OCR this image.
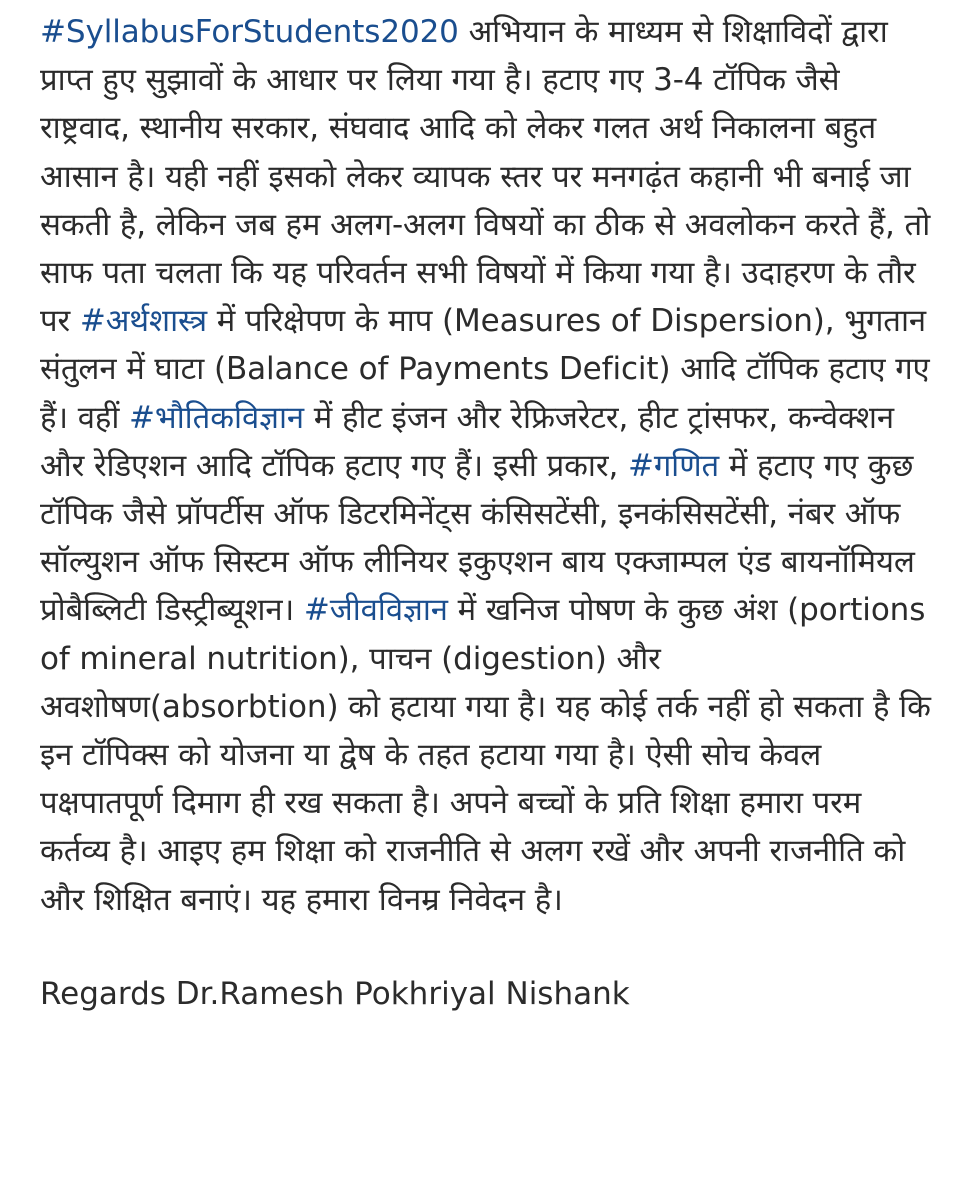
#SyllabusForStudents2020 अभियान के माध्यम से शिक्षाविदों द्वारा प्राप्त हुए सुझावों के आधार पर लिया गया है। हटाए गए 3-4 टॉपिक जैसे राष्ट्रवाद, स्थानीय सरकार, संघवाद आदि को लेकर गलत अर्थ निकालना बहुत आसान है। यही नहीं इसको लेकर व्यापक स्तर पर मनगढ़ंत कहानी भी बनाई जा सकती है, लेकिन जब हम अलग-अलग विषयों का ठीक से अवलोकन करते हैं, तो साफ पता चलता कि यह परिवर्तन सभी विषयों में किया गया है। उदाहरण के तौर पर #अर्थशास्त्र में परिक्षेपण के माप (Measures of Dispersion), भुगतान संतुलन में घाटा (Balance of Payments Deficit) आदि टॉपिक हटाए गए हैं। वहीं #भौतिकविज्ञान में हीट इंजन और रेफ्रिजरेटर, हीट ट्रांसफर, कन्वेक्शन और रेडिएशन आदि टॉपिक हटाए गए हैं। इसी प्रकार, #गणित में हटाए गए कुछ टॉपिक जैसे प्रॉपर्टीस ऑफ डिटरमिनेंट्स कंसिसटेंसी, इनकंसिसटेंसी, नंबर ऑफ सॉल्युशन ऑफ सिस्टम ऑफ लीनियर इकुएशन बाय एक्जाम्पल एंड बायनॉमियल प्रोबैब्लिटी डिस्ट्रीब्यूशन। #जीवविज्ञान में खनिज पोषण के कुछ अंश (portions of mineral nutrition), पाचन (digestion) और अवशोषण(absorbtion) को हटाया गया है। यह कोई तर्क नहीं हो सकता है कि इन टॉपिक्स को योजना या द्वेष के तहत हटाया गया है। ऐसी सोच केवल पक्षपातपूर्ण दिमाग ही रख सकता है। अपने बच्चों के प्रति शिक्षा हमारा परम कर्तव्य है। आइए हम शिक्षा को राजनीति से अलग रखें और अपनी राजनीति को और शिक्षित बनाएं। यह हमारा विनम्र निवेदन है।

Regards Dr.Ramesh Pokhriyal Nishank
